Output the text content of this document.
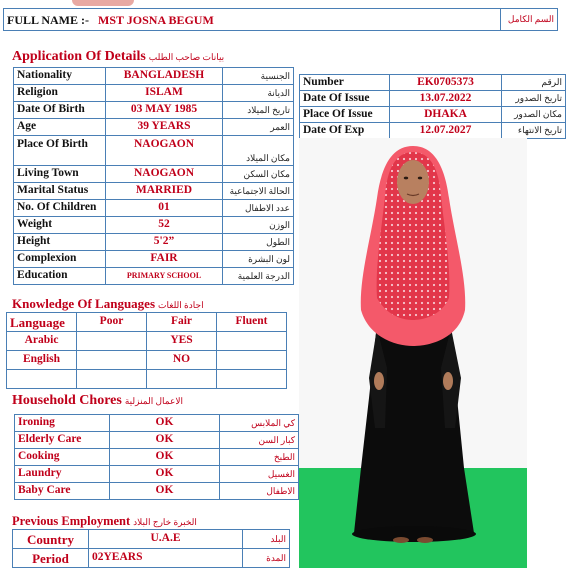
FULL NAME :- MST JOSNA BEGUM	السم الكامل
Application Of Details بيانات صاحب الطلب
Nationality	BANGLADESH	الجنسية
Religion	ISLAM	الديانة
Date Of Birth	03 MAY 1985	تاريخ الميلاد
Age	39 YEARS	العمر
Place Of Birth	NAOGAON	مكان الميلاد
Living Town	NAOGAON	مكان السكن
Marital Status	MARRIED	الحالة الاجتماعية
No. Of Children	01	عدد الاطفال
Weight	52	الوزن
Height	5'2”	الطول
Complexion	FAIR	لون البشرة
Education	PRIMARY SCHOOL	الدرجة العلمية
Number	EK0705373	الرقم
Date Of Issue	13.07.2022	تاريخ الصدور
Place Of Issue	DHAKA	مكان الصدور
Date Of Exp	12.07.2027	تاريخ الانتهاء
Knowledge Of Languages اجادة اللغات
Language	Poor	Fair	Fluent
Arabic		YES	
English		NO	

Household Chores الاعمال المنزلية
Ironing	OK	كي الملابس
Elderly Care	OK	كبار السن
Cooking	OK	الطبخ
Laundry	OK	الغسيل
Baby Care	OK	الاطفال
Previous Employment الخبرة خارج البلاد
Country	U.A.E	البلد
Period	02YEARS	المدة
